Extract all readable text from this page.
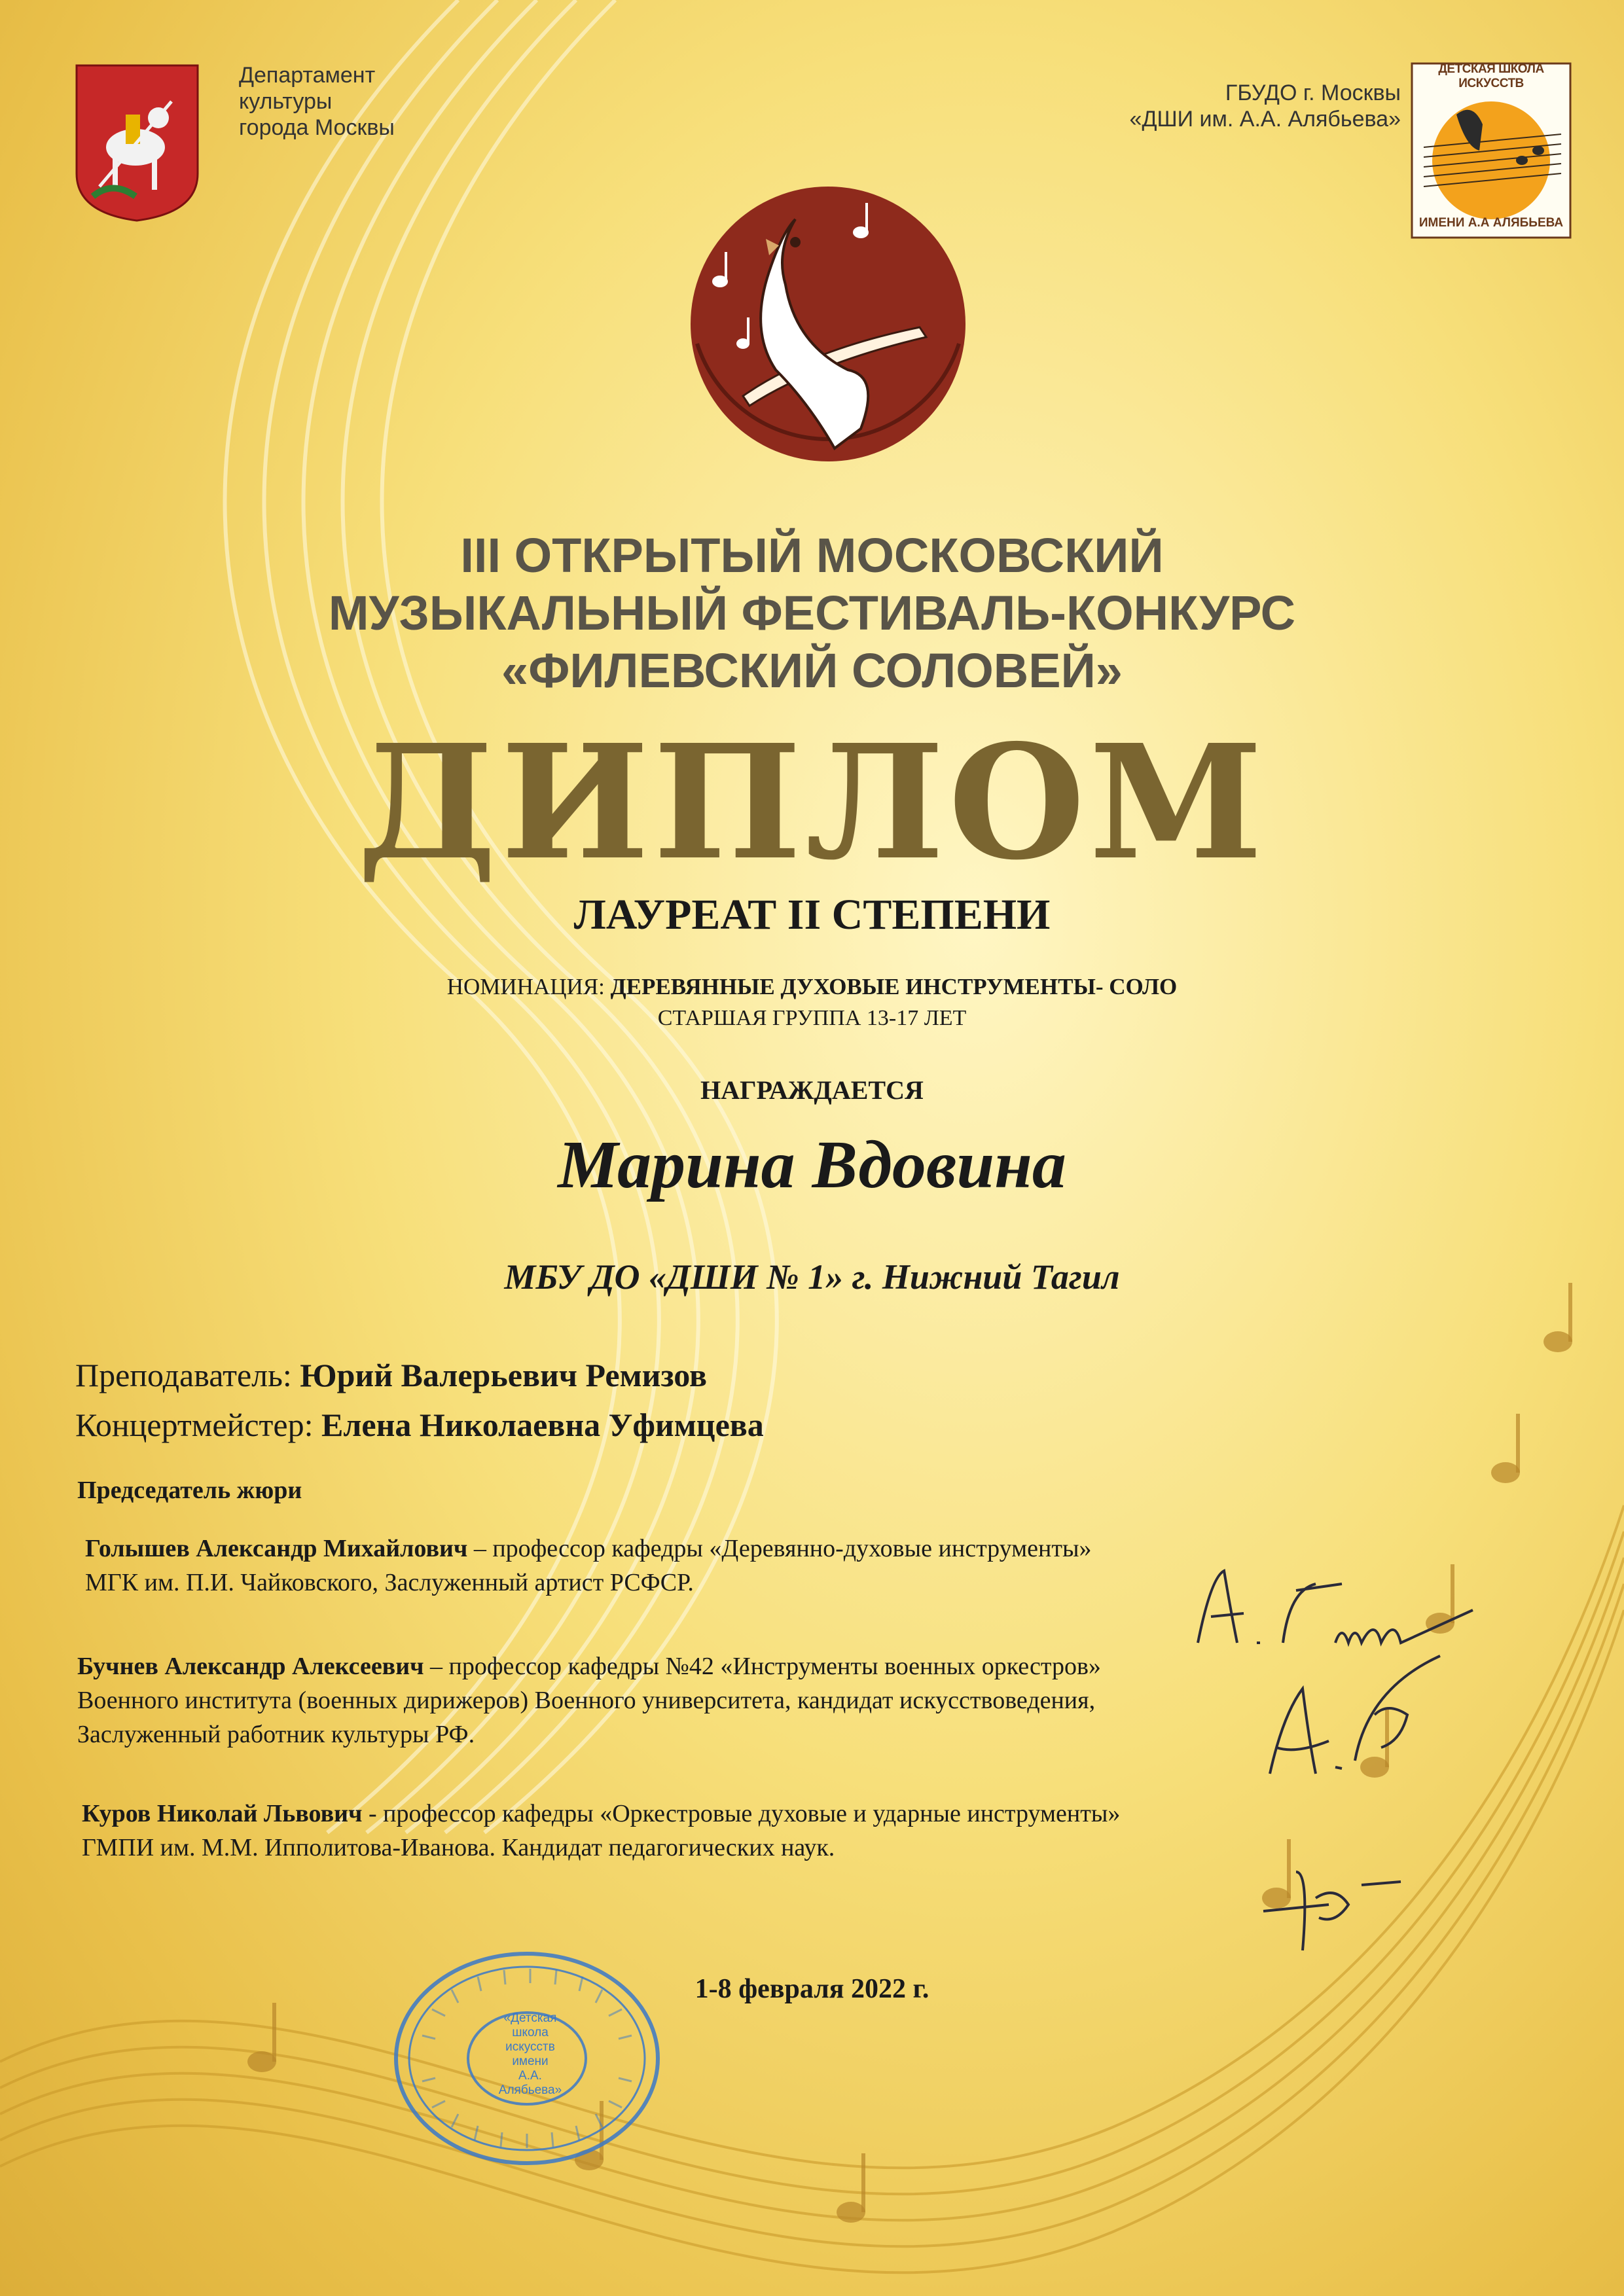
Департамент
культуры
города Москвы
ГБУДО г. Москвы
«ДШИ им. А.А. Алябьева»
ДЕТСКАЯ ШКОЛА ИСКУССТВ
ИМЕНИ А.А АЛЯБЬЕВА
III ОТКРЫТЫЙ МОСКОВСКИЙ
МУЗЫКАЛЬНЫЙ ФЕСТИВАЛЬ-КОНКУРС
«ФИЛЕВСКИЙ СОЛОВЕЙ»
ДИПЛОМ
ЛАУРЕАТ II СТЕПЕНИ
НОМИНАЦИЯ: ДЕРЕВЯННЫЕ ДУХОВЫЕ ИНСТРУМЕНТЫ- СОЛО
СТАРШАЯ ГРУППА 13-17 ЛЕТ
НАГРАЖДАЕТСЯ
Марина Вдовина
МБУ ДО «ДШИ № 1» г. Нижний Тагил
Преподаватель: Юрий Валерьевич Ремизов
Концертмейстер: Елена Николаевна Уфимцева
Председатель жюри
Голышев Александр Михайлович – профессор кафедры «Деревянно-духовые инструменты»
МГК им. П.И. Чайковского, Заслуженный артист РСФСР.
Бучнев Александр Алексеевич – профессор кафедры №42 «Инструменты военных оркестров»
Военного института (военных дирижеров) Военного университета, кандидат искусствоведения,
Заслуженный работник культуры РФ.
Куров Николай Львович - профессор кафедры «Оркестровые духовые и ударные инструменты»
ГМПИ им. М.М. Ипполитова-Иванова. Кандидат педагогических наук.
1-8 февраля 2022 г.
«Детская школа
искусств
имени
А.А. Алябьева»
